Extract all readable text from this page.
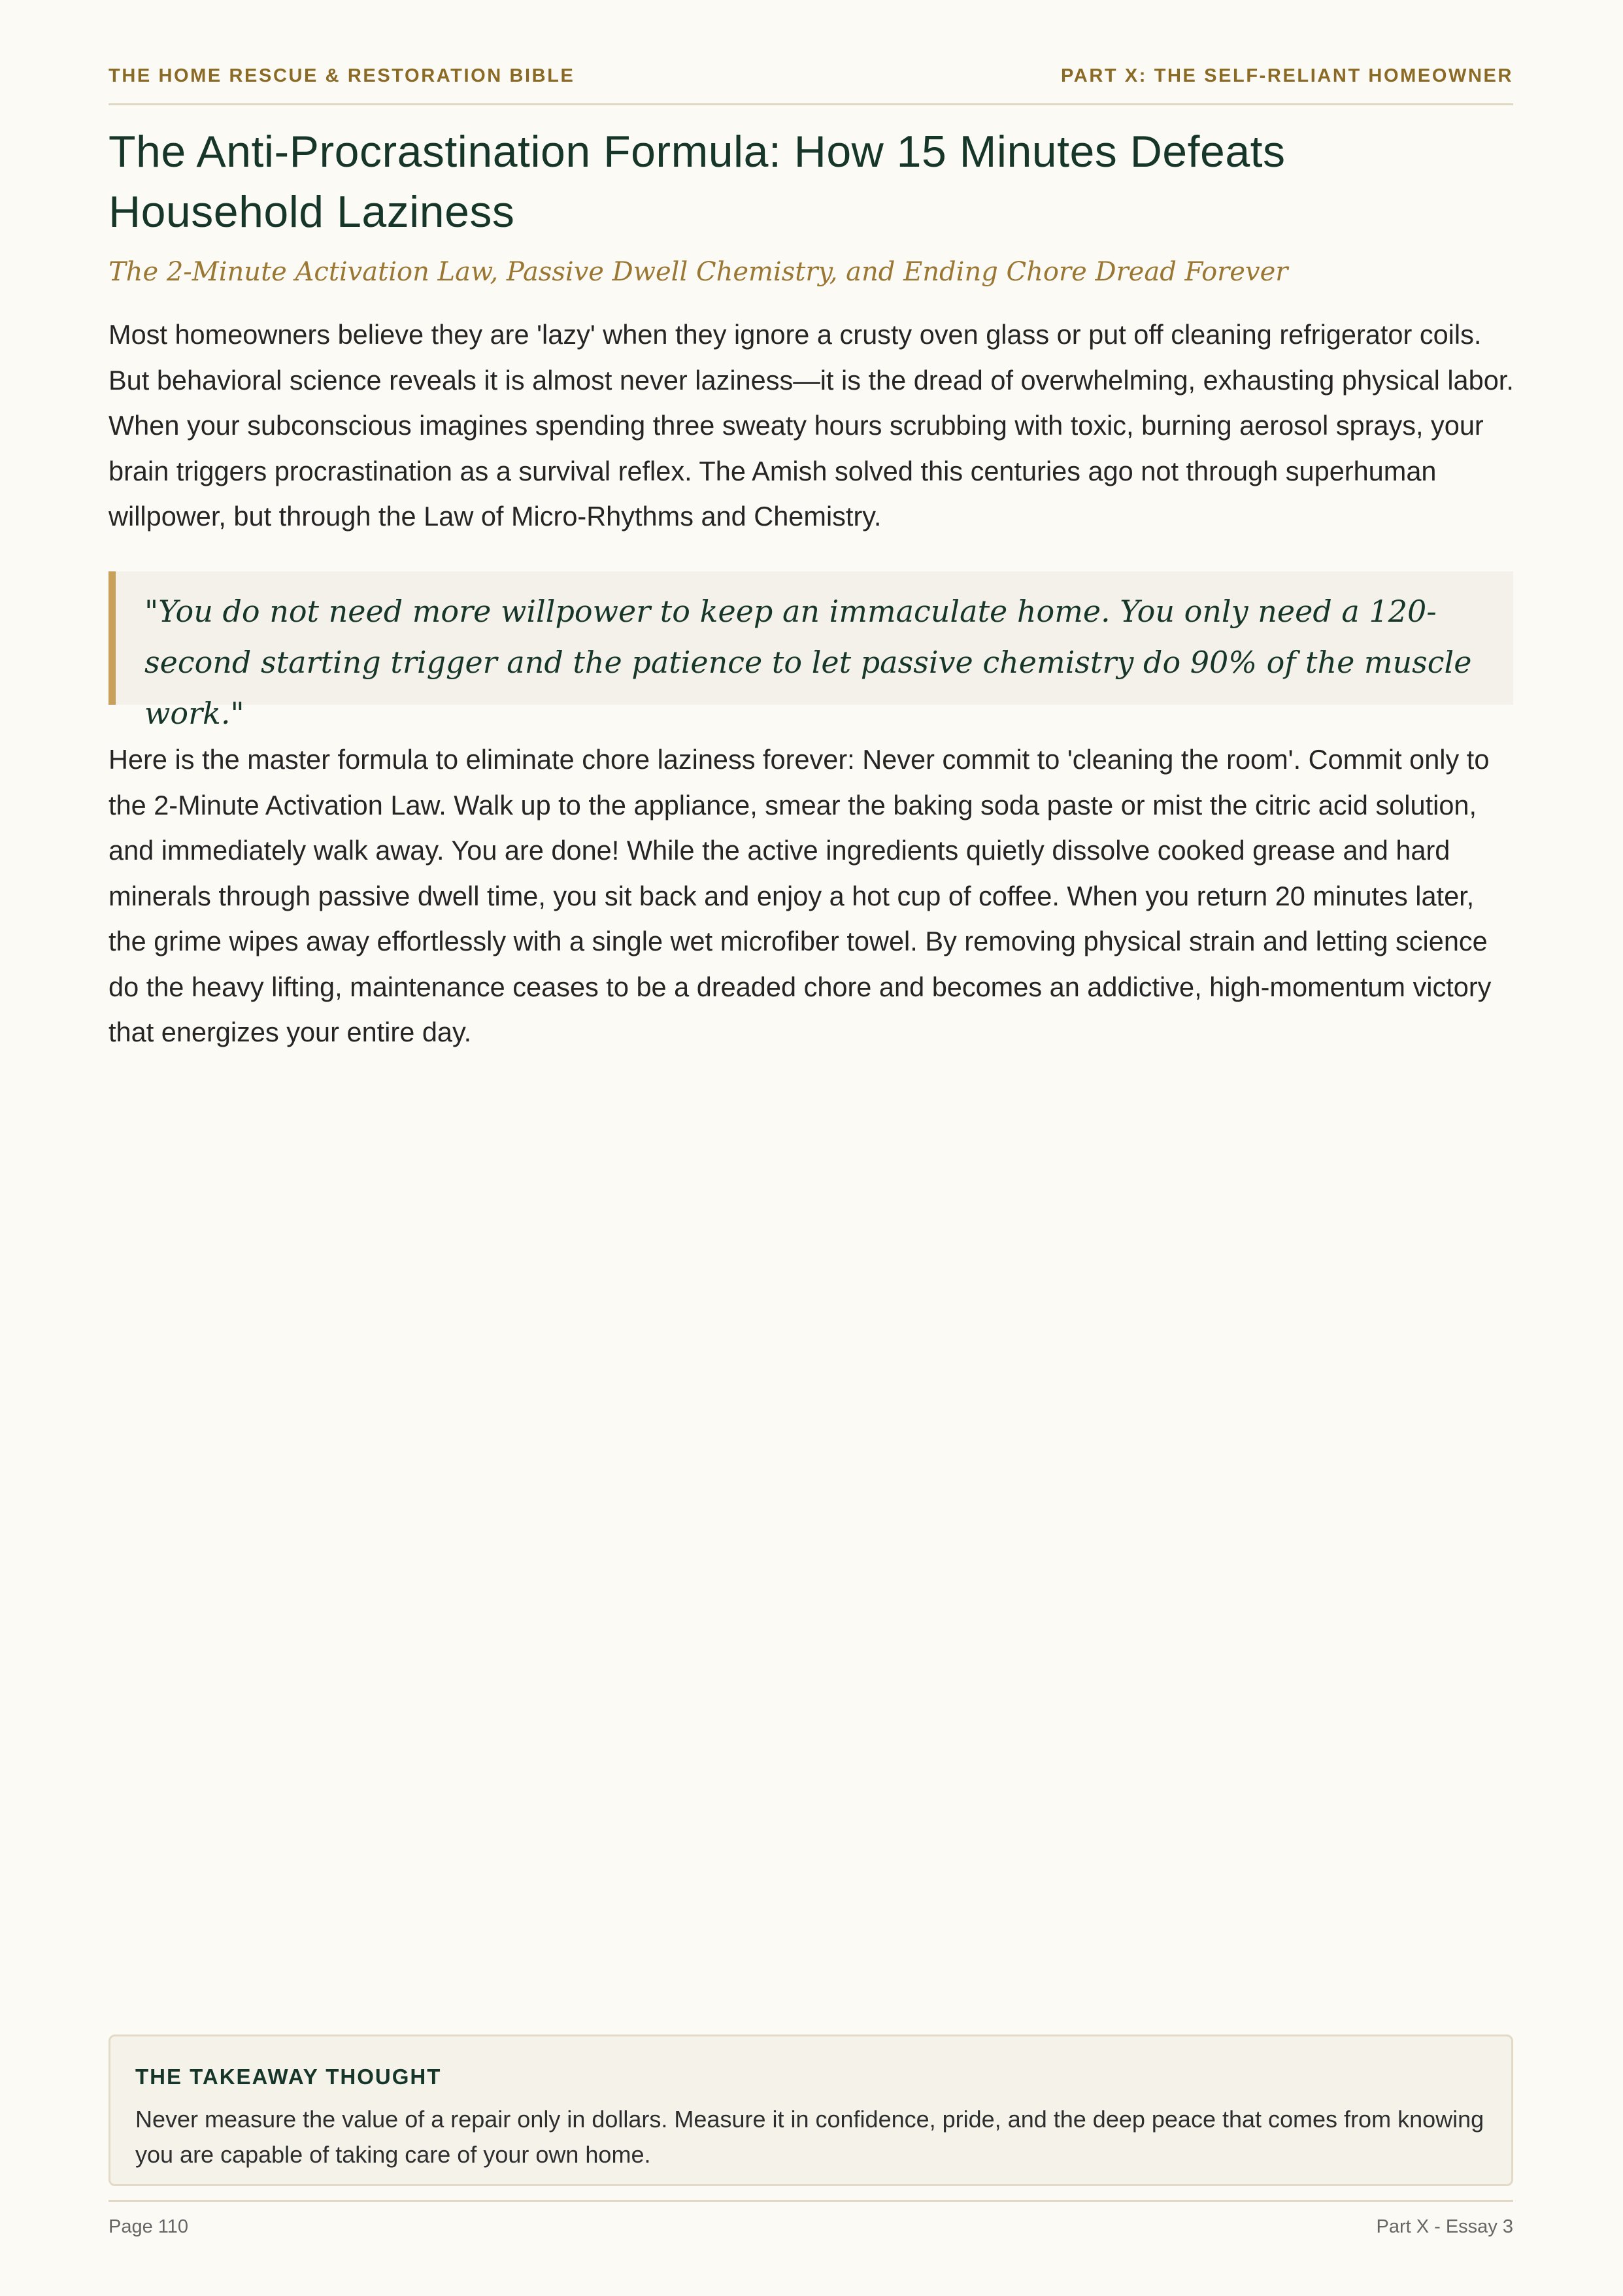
THE HOME RESCUE & RESTORATION BIBLE	PART X: THE SELF-RELIANT HOMEOWNER
The Anti-Procrastination Formula: How 15 Minutes Defeats Household Laziness

The 2-Minute Activation Law, Passive Dwell Chemistry, and Ending Chore Dread Forever

Most homeowners believe they are 'lazy' when they ignore a crusty oven glass or put off cleaning refrigerator coils. But behavioral science reveals it is almost never laziness—it is the dread of overwhelming, exhausting physical labor. When your subconscious imagines spending three sweaty hours scrubbing with toxic, burning aerosol sprays, your brain triggers procrastination as a survival reflex. The Amish solved this centuries ago not through superhuman willpower, but through the Law of Micro-Rhythms and Chemistry.

"You do not need more willpower to keep an immaculate home. You only need a 120-second starting trigger and the patience to let passive chemistry do 90% of the muscle work."

Here is the master formula to eliminate chore laziness forever: Never commit to 'cleaning the room'. Commit only to the 2-Minute Activation Law. Walk up to the appliance, smear the baking soda paste or mist the citric acid solution, and immediately walk away. You are done! While the active ingredients quietly dissolve cooked grease and hard minerals through passive dwell time, you sit back and enjoy a hot cup of coffee. When you return 20 minutes later, the grime wipes away effortlessly with a single wet microfiber towel. By removing physical strain and letting science do the heavy lifting, maintenance ceases to be a dreaded chore and becomes an addictive, high-momentum victory that energizes your entire day.

THE TAKEAWAY THOUGHT

Never measure the value of a repair only in dollars. Measure it in confidence, pride, and the deep peace that comes from knowing you are capable of taking care of your own home.

Page 110	Part X - Essay 3
